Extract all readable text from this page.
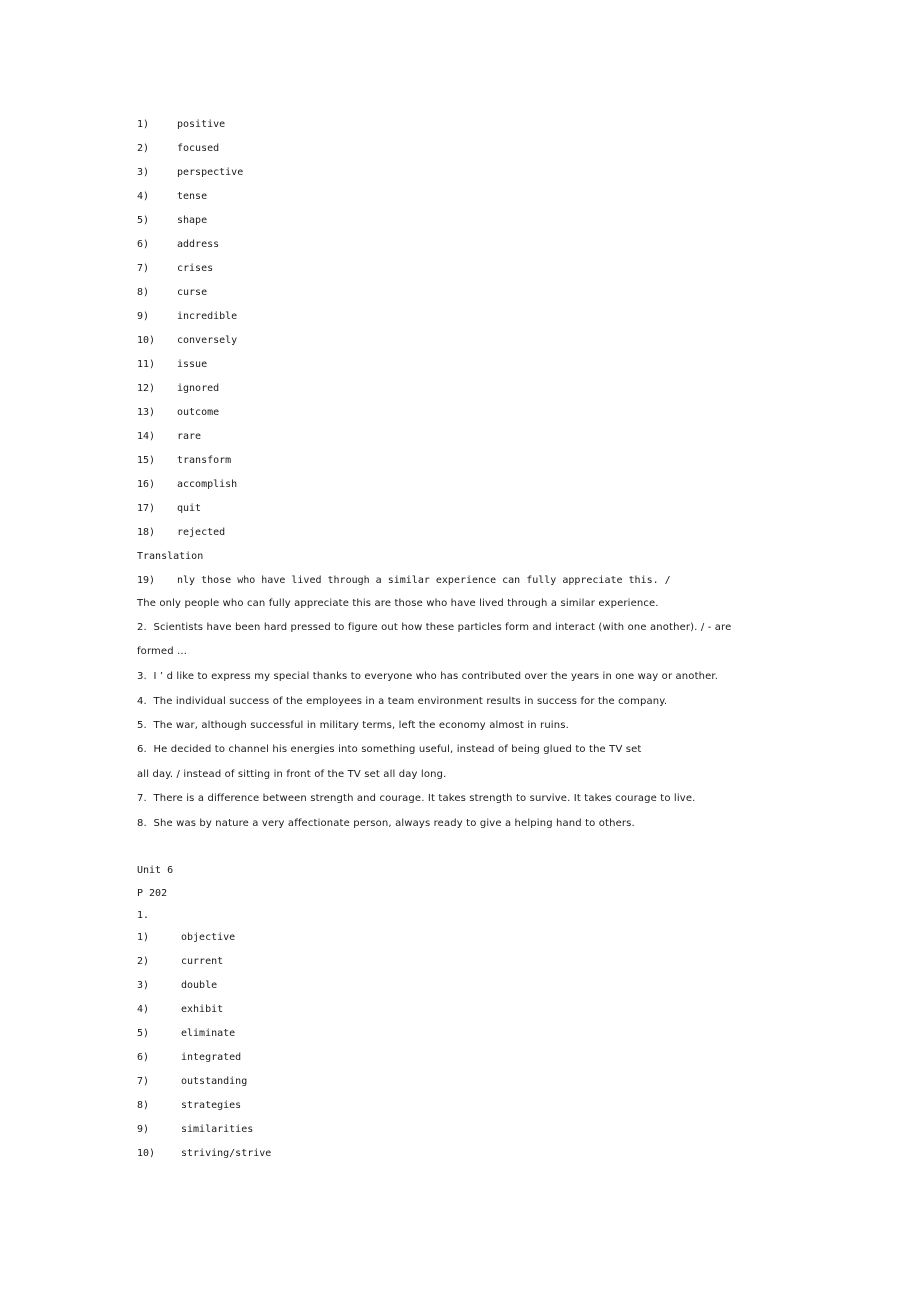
1)	positive
2)	focused
3)	perspective
4)	tense
5)	shape
6)	address
7)	crises
8)	curse
9)	incredible
10) conversely
11) issue
12) ignored
13) outcome
14) rare
15) transform
16) accomplish
17) quit
18) rejected
Translation
19) nly those who have lived through a similar experience can fully appreciate this. /
The only people who can fully appreciate this are those who have lived through a similar experience.
2.  Scientists have been hard pressed to figure out how these particles form and interact (with one another). / - are
formed …
3.  I ’ d like to express my special thanks to everyone who has contributed over the years in one way or another.
4.  The individual success of the employees in a team environment results in success for the company.
5.  The war, although successful in military terms, left the economy almost in ruins.
6.  He decided to channel his energies into something useful, instead of being glued to the TV set
all day. / instead of sitting in front of the TV set all day long.
7.  There is a difference between strength and courage. It takes strength to survive. It takes courage to live.
8.  She was by nature a very affectionate person, always ready to give a helping hand to others.
Unit 6
P 202
1.
1)	objective
2)	current
3)	double
4)	exhibit
5)	eliminate
6)	integrated
7)	outstanding
8)	strategies
9)	similarities
10)	striving/strive
